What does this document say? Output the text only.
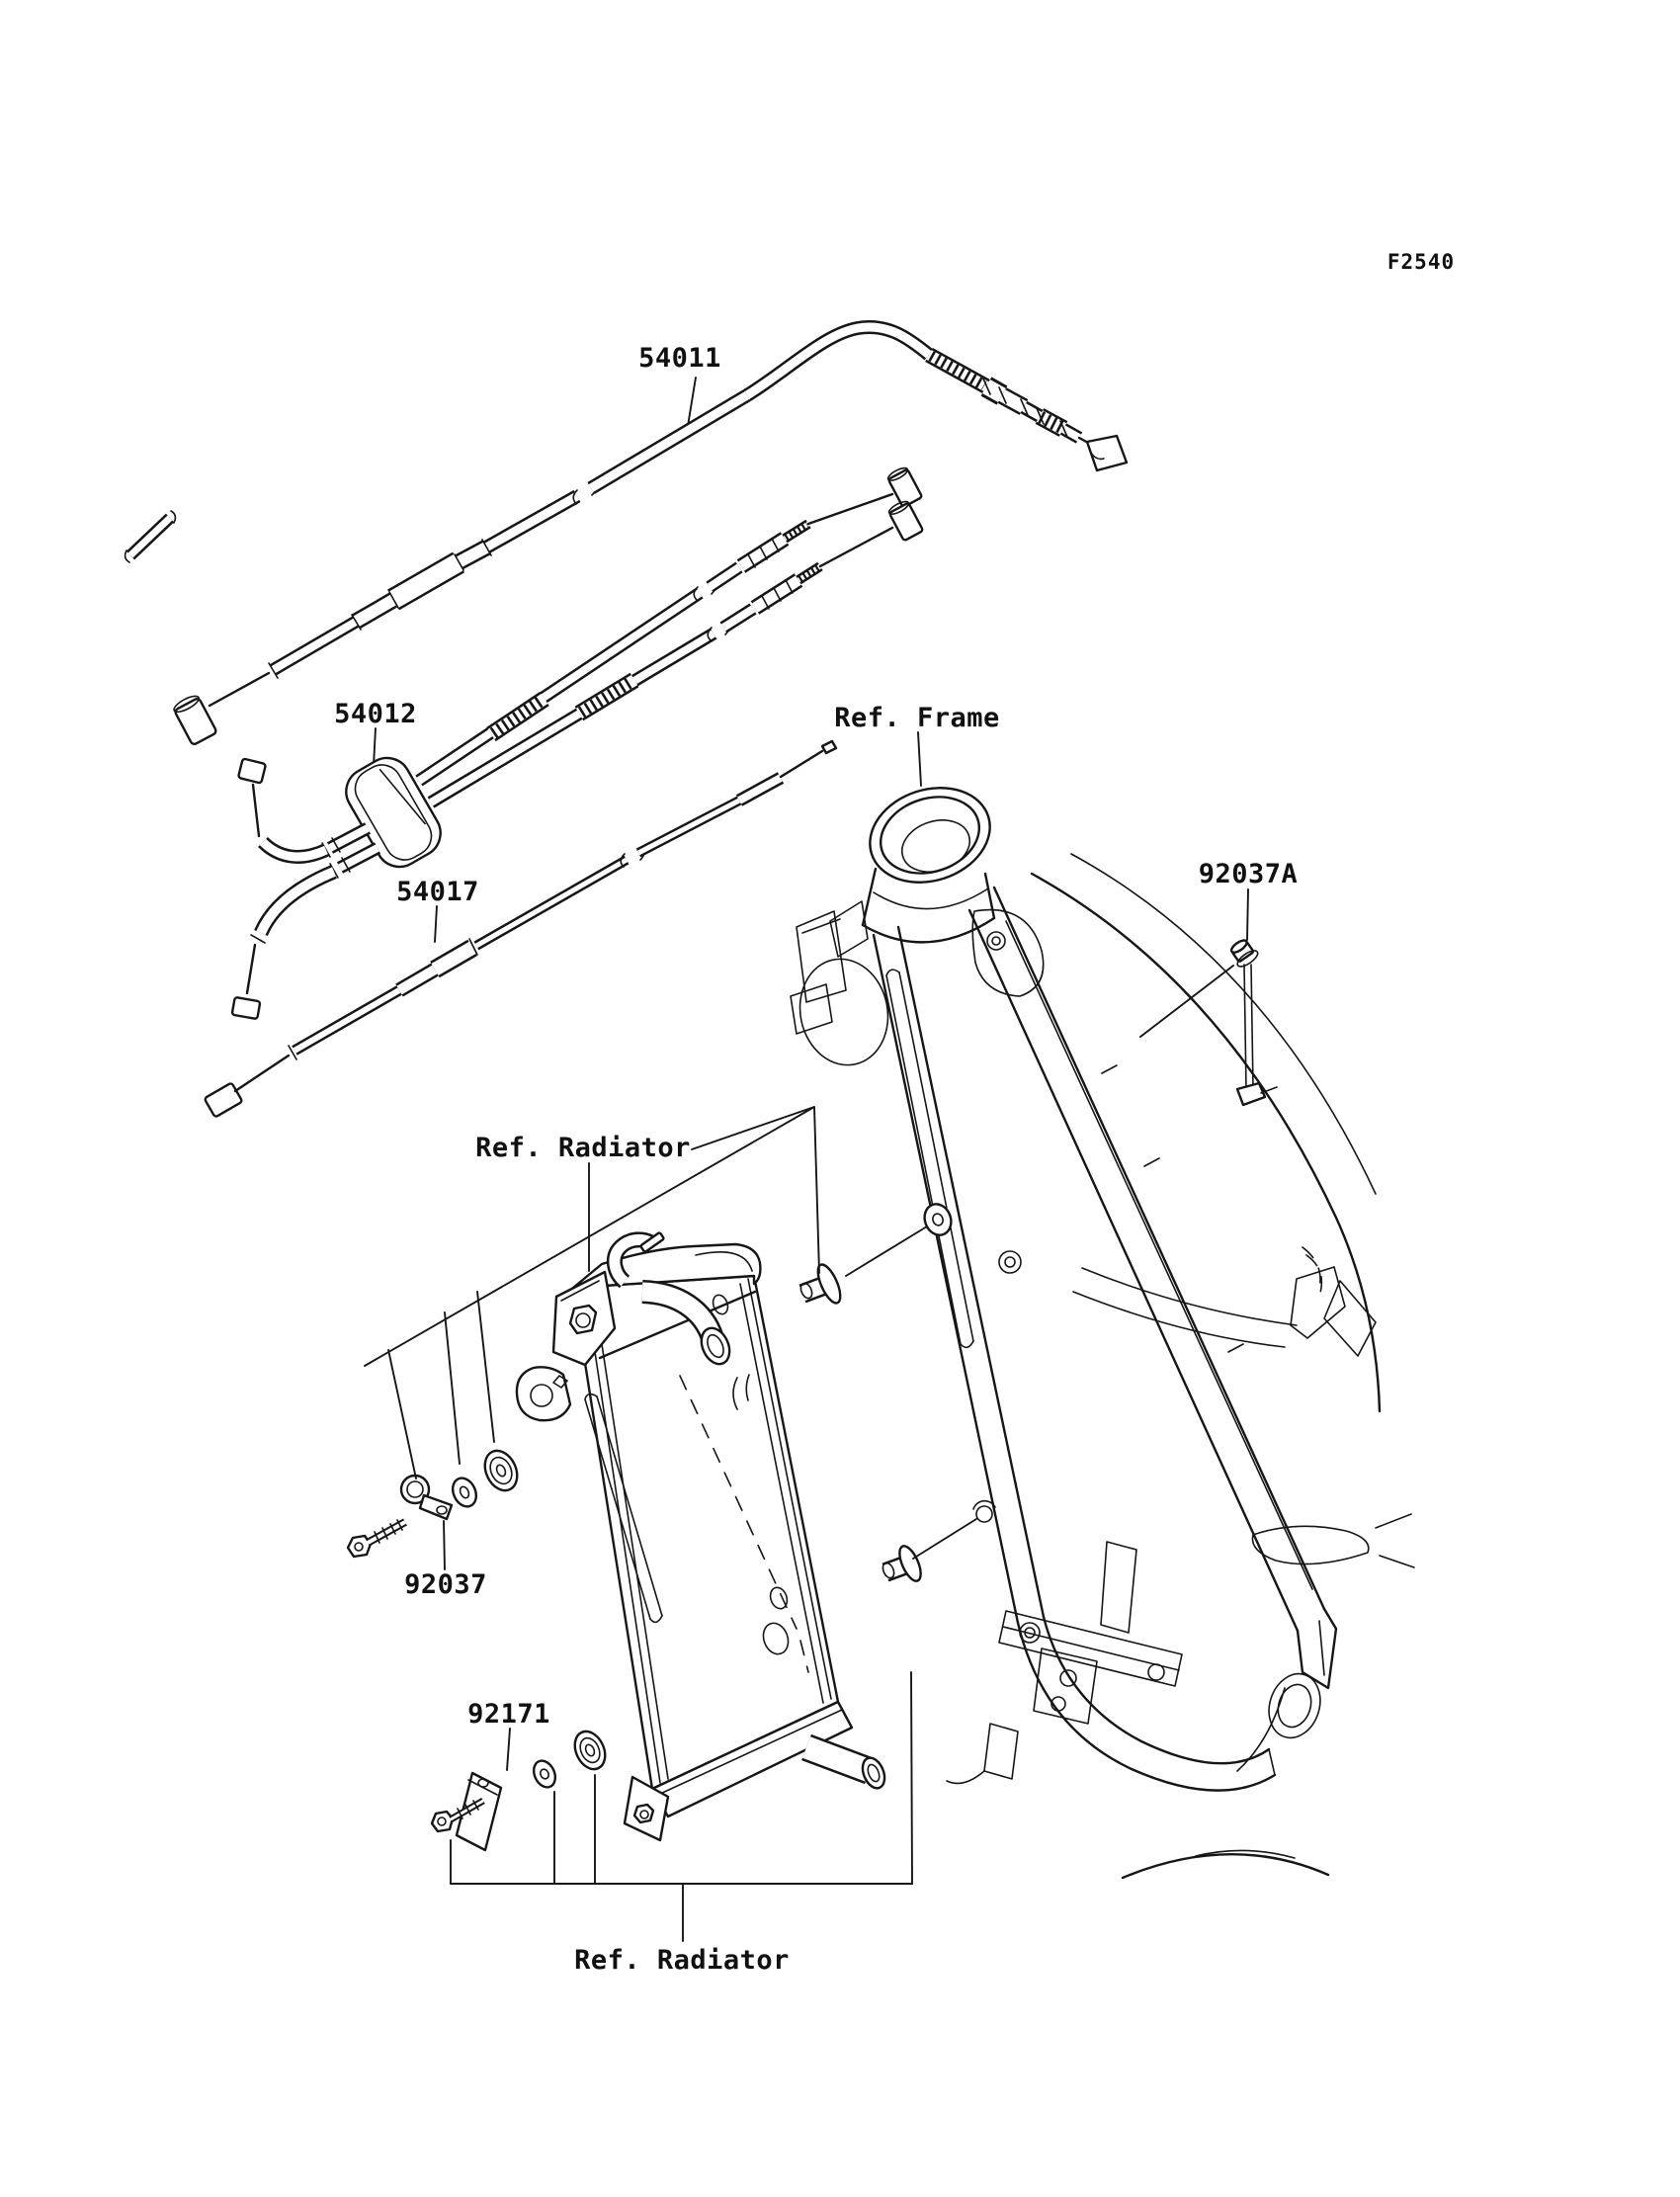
54011
54012
54017
92037A
92037
92171
Ref. Frame
Ref. Radiator
Ref. Radiator
F2540
